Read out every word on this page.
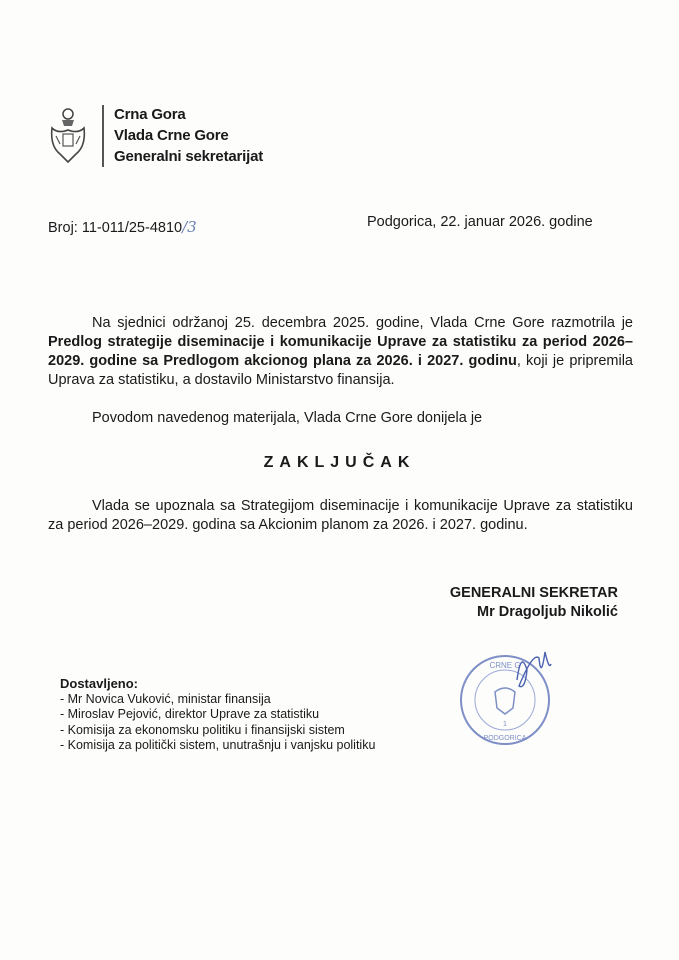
Crna Gora
Vlada Crne Gore
Generalni sekretarijat
Broj: 11-011/25-4810/3	Podgorica, 22. januar 2026. godine
Na sjednici održanoj 25. decembra 2025. godine, Vlada Crne Gore razmotrila je Predlog strategije diseminacije i komunikacije Uprave za statistiku za period 2026–2029. godine sa Predlogom akcionog plana za 2026. i 2027. godinu, koji je pripremila Uprava za statistiku, a dostavilo Ministarstvo finansija.
Povodom navedenog materijala, Vlada Crne Gore donijela je
ZAKLJUČAK
Vlada se upoznala sa Strategijom diseminacije i komunikacije Uprave za statistiku za period 2026–2029. godina sa Akcionim planom za 2026. i 2027. godinu.
GENERALNI SEKRETAR
Mr Dragoljub Nikolić
CRNE G
1
PODGORICA
Dostavljeno:
- Mr Novica Vuković, ministar finansija
- Miroslav Pejović, direktor Uprave za statistiku
- Komisija za ekonomsku politiku i finansijski sistem
- Komisija za politički sistem, unutrašnju i vanjsku politiku
